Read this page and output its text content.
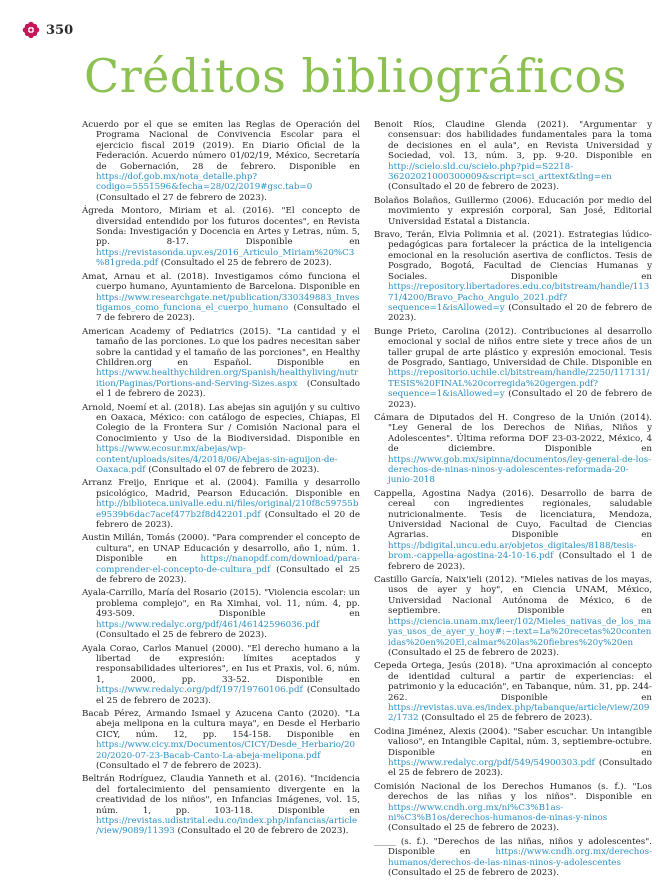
350
Créditos bibliográficos

Acuerdo por el que se emiten las Reglas de Operación del Programa Nacional de Convivencia Escolar para el ejercicio fiscal 2019 (2019). En Diario Oficial de la Federación. Acuerdo número 01/02/19, México, Secretaría de Gobernación, 28 de febrero. Disponible en https://dof.gob.mx/nota_detalle.php?codigo=5551596&fecha=28/02/2019#gsc.tab=0 (Consultado el 27 de febrero de 2023).

Ágreda Montoro, Miriam et al. (2016). "El concepto de diversidad entendido por los futuros docentes", en Revista Sonda: Investigación y Docencia en Artes y Letras, núm. 5, pp. 8-17. Disponible en https://revistasonda.upv.es/2016_Articulo_Miriam%20%C3%81greda.pdf (Consultado el 25 de febrero de 2023).

Amat, Arnau et al. (2018). Investigamos cómo funciona el cuerpo humano, Ayuntamiento de Barcelona. Disponible en https://www.researchgate.net/publication/330349883_Investigamos_como_funciona_el_cuerpo_humano (Consultado el 7 de febrero de 2023).

American Academy of Pediatrics (2015). "La cantidad y el tamaño de las porciones. Lo que los padres necesitan saber sobre la cantidad y el tamaño de las porciones", en Healthy Children.org en Español. Disponible en https://www.healthychildren.org/Spanish/healthyliving/nutrition/Paginas/Portions-and-Serving-Sizes.aspx (Consultado el 1 de febrero de 2023).

Arnold, Noemí et al. (2018). Las abejas sin aguijón y su cultivo en Oaxaca, México: con catálogo de especies, Chiapas, El Colegio de la Frontera Sur / Comisión Nacional para el Conocimiento y Uso de la Biodiversidad. Disponible en https://www.ecosur.mx/abejas/wp-content/uploads/sites/4/2018/06/Abejas-sin-aguijon-de-Oaxaca.pdf (Consultado el 07 de febrero de 2023).

Arranz Freijo, Enrique et al. (2004). Familia y desarrollo psicológico, Madrid, Pearson Educación. Disponible en http://biblioteca.univalle.edu.ni/files/original/210f8c59755be9539b6dac7acef477b2f8d42201.pdf (Consultado el 20 de febrero de 2023).

Austin Millán, Tomás (2000). "Para comprender el concepto de cultura", en UNAP Educación y desarrollo, año 1, núm. 1. Disponible en https://nanopdf.com/download/para-comprender-el-concepto-de-cultura_pdf (Consultado el 25 de febrero de 2023).

Ayala-Carrillo, María del Rosario (2015). "Violencia escolar: un problema complejo", en Ra Ximhai, vol. 11, núm. 4, pp. 493-509. Disponible en https://www.redalyc.org/pdf/461/46142596036.pdf (Consultado el 25 de febrero de 2023).

Ayala Corao, Carlos Manuel (2000). "El derecho humano a la libertad de expresión: límites aceptados y responsabilidades ulteriores", en Ius et Praxis, vol. 6, núm. 1, 2000, pp. 33-52. Disponible en https://www.redalyc.org/pdf/197/19760106.pdf (Consultado el 25 de febrero de 2023).

Bacab Pérez, Armando Ismael y Azucena Canto (2020). "La abeja melipona en la cultura maya", en Desde el Herbario CICY, núm. 12, pp. 154-158. Disponible en https://www.cicy.mx/Documentos/CICY/Desde_Herbario/2020/2020-07-23-Bacab-Canto-La-abeja-melipona.pdf (Consultado el 7 de febrero de 2023).

Beltrán Rodríguez, Claudia Yanneth et al. (2016). "Incidencia del fortalecimiento del pensamiento divergente en la creatividad de los niños", en Infancias Imágenes, vol. 15, núm. 1, pp. 103-118. Disponible en https://revistas.udistrital.edu.co/index.php/infancias/article/view/9089/11393 (Consultado el 20 de febrero de 2023).

Benoit Ríos, Claudine Glenda (2021). "Argumentar y consensuar: dos habilidades fundamentales para la toma de decisiones en el aula", en Revista Universidad y Sociedad, vol. 13, núm. 3, pp. 9-20. Disponible en http://scielo.sld.cu/scielo.php?pid=S2218-36202021000300009&script=sci_arttext&tlng=en (Consultado el 20 de febrero de 2023).

Bolaños Bolaños, Guillermo (2006). Educación por medio del movimiento y expresión corporal, San José, Editorial Universidad Estatal a Distancia.

Bravo, Terán, Elvia Polimnia et al. (2021). Estrategias lúdico-pedagógicas para fortalecer la práctica de la inteligencia emocional en la resolución asertiva de conflictos. Tesis de Posgrado, Bogotá, Facultad de Ciencias Humanas y Sociales. Disponible en https://repository.libertadores.edu.co/bitstream/handle/11371/4200/Bravo_Pacho_Angulo_2021.pdf?sequence=1&isAllowed=y (Consultado el 20 de febrero de 2023).

Bunge Prieto, Carolina (2012). Contribuciones al desarrollo emocional y social de niños entre siete y trece años de un taller grupal de arte plástico y expresión emocional. Tesis de Posgrado, Santiago, Universidad de Chile. Disponible en https://repositorio.uchile.cl/bitstream/handle/2250/117131/TESIS%20FINAL%20corregida%20gergen.pdf?sequence=1&isAllowed=y (Consultado el 20 de febrero de 2023).

Cámara de Diputados del H. Congreso de la Unión (2014). "Ley General de los Derechos de Niñas, Niños y Adolescentes". Última reforma DOF 23-03-2022, México, 4 de diciembre. Disponible en https://www.gob.mx/sipinna/documentos/ley-general-de-los-derechos-de-ninas-ninos-y-adolescentes-reformada-20-junio-2018

Cappella, Agostina Nadya (2016). Desarrollo de barra de cereal con ingredientes regionales, saludable nutricionalmente. Tesis de licenciatura, Mendoza, Universidad Nacional de Cuyo, Facultad de Ciencias Agrarias. Disponible en https://bdigital.uncu.edu.ar/objetos_digitales/8188/tesis-brom.-cappella-agostina-24-10-16.pdf (Consultado el 1 de febrero de 2023).

Castillo García, Naix'ieli (2012). "Mieles nativas de los mayas, usos de ayer y hoy", en Ciencia UNAM, México, Universidad Nacional Autónoma de México, 6 de septiembre. Disponible en https://ciencia.unam.mx/leer/102/Mieles_nativas_de_los_mayas_usos_de_ayer_y_hoy#:~:text=La%20recetas%20contenidas%20en%20El,calmar%20las%20fiebres%20y%20en (Consultado el 25 de febrero de 2023).

Cepeda Ortega, Jesús (2018). "Una aproximación al concepto de identidad cultural a partir de experiencias: el patrimonio y la educación", en Tabanque, núm. 31, pp. 244-262. Disponible en https://revistas.uva.es/index.php/tabanque/article/view/2092/1732 (Consultado el 25 de febrero de 2023).

Codina Jiménez, Alexis (2004). "Saber escuchar. Un intangible valioso", en Intangible Capital, núm. 3, septiembre-octubre. Disponible en https://www.redalyc.org/pdf/549/54900303.pdf (Consultado el 25 de febrero de 2023).

Comisión Nacional de los Derechos Humanos (s. f.). "Los derechos de las niñas y los niños". Disponible en https://www.cndh.org.mx/ni%C3%B1as-ni%C3%B1os/derechos-humanos-de-ninas-y-ninos (Consultado el 25 de febrero de 2023).

_____ (s. f.). "Derechos de las niñas, niños y adolescentes". Disponible en https://www.cndh.org.mx/derechos-humanos/derechos-de-las-ninas-ninos-y-adolescentes (Consultado el 25 de febrero de 2023).
